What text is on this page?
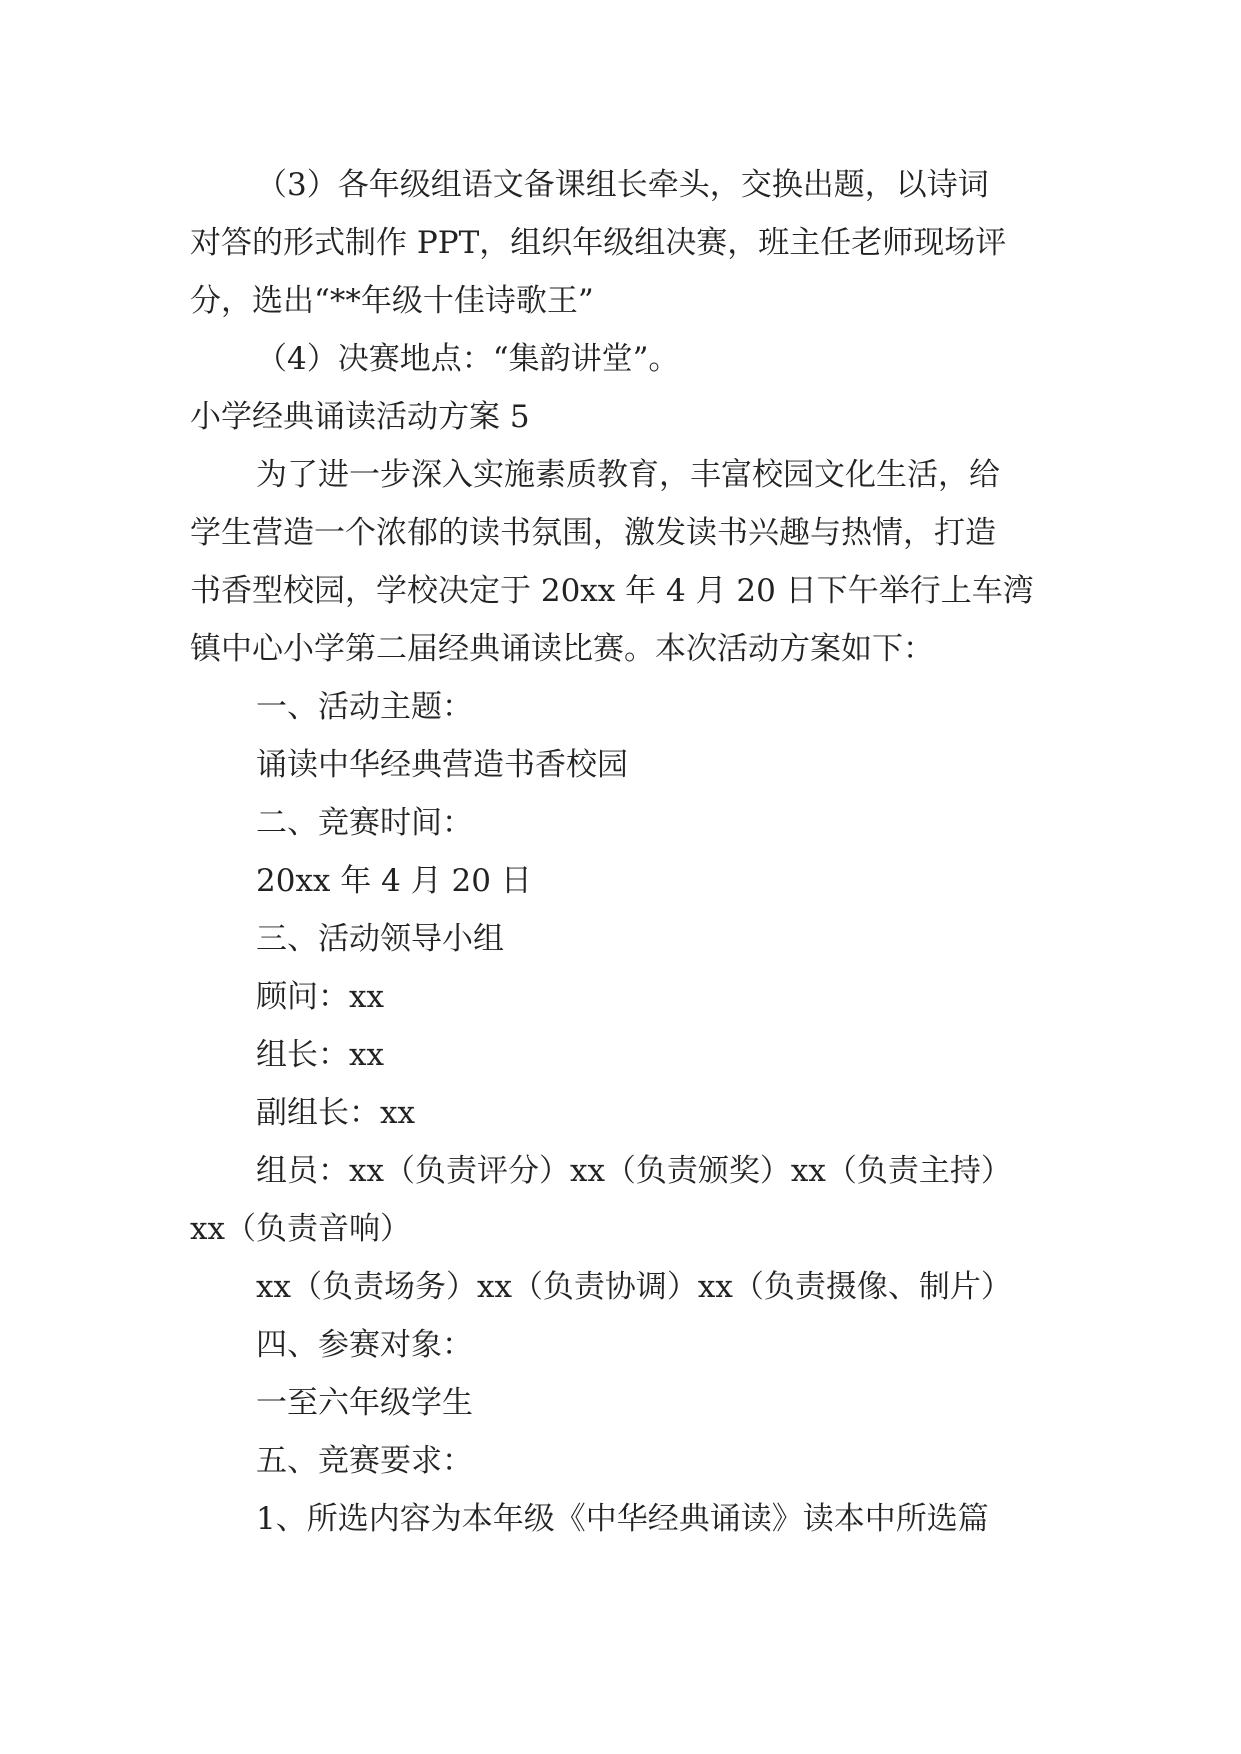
（3）各年级组语文备课组长牵头，交换出题，以诗词
对答的形式制作 PPT，组织年级组决赛，班主任老师现场评
分，选出“**年级十佳诗歌王”
（4）决赛地点：“集韵讲堂”。
小学经典诵读活动方案 5
为了进一步深入实施素质教育，丰富校园文化生活，给
学生营造一个浓郁的读书氛围，激发读书兴趣与热情，打造
书香型校园，学校决定于 20xx 年 4 月 20 日下午举行上车湾
镇中心小学第二届经典诵读比赛。本次活动方案如下：
一、活动主题：
诵读中华经典营造书香校园
二、竞赛时间：
20xx 年 4 月 20 日
三、活动领导小组
顾问：xx
组长：xx
副组长：xx
组员：xx（负责评分）xx（负责颁奖）xx（负责主持）
xx（负责音响）
xx（负责场务）xx（负责协调）xx（负责摄像、制片）
四、参赛对象：
一至六年级学生
五、竞赛要求：
1、所选内容为本年级《中华经典诵读》读本中所选篇
